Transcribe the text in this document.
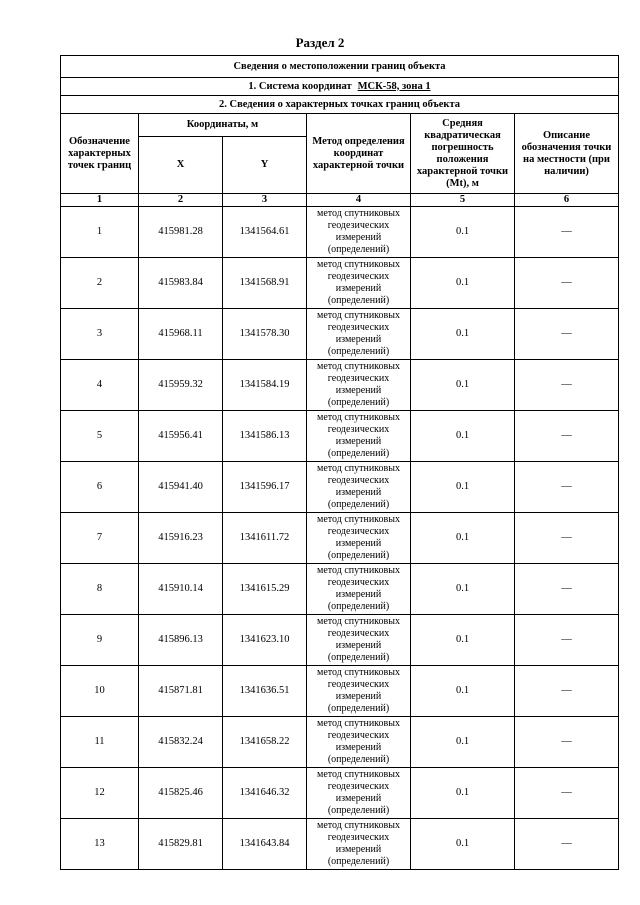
Раздел 2
Сведения о местоположении границ объекта					
1. Система координат МСК-58, зона 1					
2. Сведения о характерных точках границ объекта					
Обозначение характерных точек границ	Координаты, м		Метод определения координат характерной точки	Средняя квадратическая погрешность положения характерной точки (Mt), м	Описание обозначения точки на местности (при наличии)
	X	Y			
1	2	3	4	5	6
1	415981.28	1341564.61	метод спутниковых геодезических измерений (определений)	0.1	—
2	415983.84	1341568.91	метод спутниковых геодезических измерений (определений)	0.1	—
3	415968.11	1341578.30	метод спутниковых геодезических измерений (определений)	0.1	—
4	415959.32	1341584.19	метод спутниковых геодезических измерений (определений)	0.1	—
5	415956.41	1341586.13	метод спутниковых геодезических измерений (определений)	0.1	—
6	415941.40	1341596.17	метод спутниковых геодезических измерений (определений)	0.1	—
7	415916.23	1341611.72	метод спутниковых геодезических измерений (определений)	0.1	—
8	415910.14	1341615.29	метод спутниковых геодезических измерений (определений)	0.1	—
9	415896.13	1341623.10	метод спутниковых геодезических измерений (определений)	0.1	—
10	415871.81	1341636.51	метод спутниковых геодезических измерений (определений)	0.1	—
11	415832.24	1341658.22	метод спутниковых геодезических измерений (определений)	0.1	—
12	415825.46	1341646.32	метод спутниковых геодезических измерений (определений)	0.1	—
13	415829.81	1341643.84	метод спутниковых геодезических измерений (определений)	0.1	—
